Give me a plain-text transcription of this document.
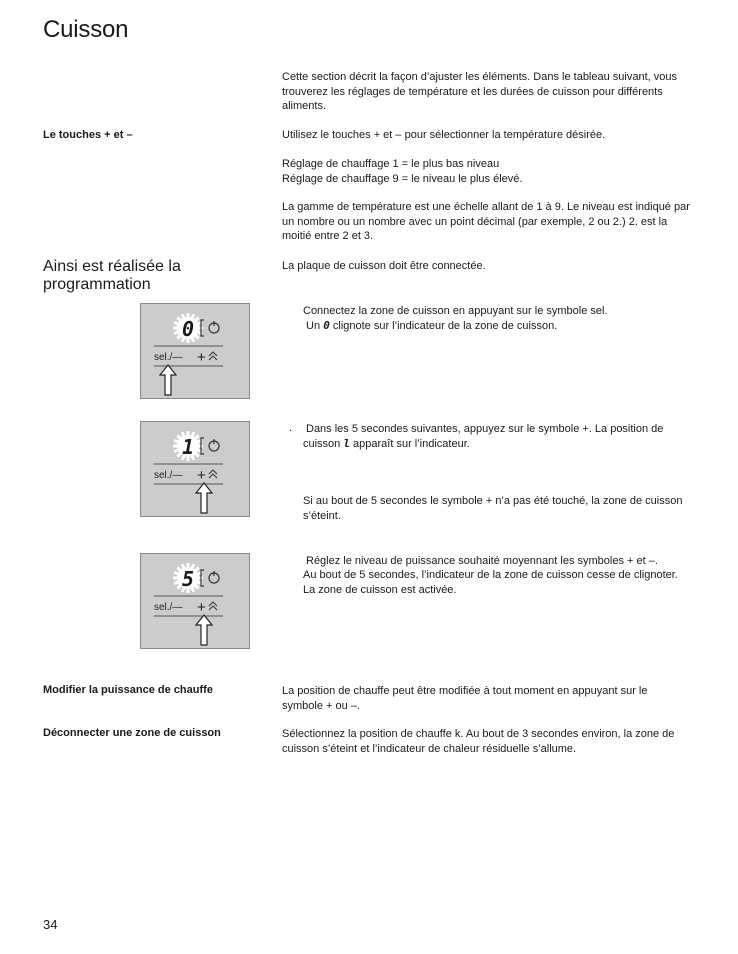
Cuisson
Cette section décrit la façon d’ajuster les éléments. Dans le tableau suivant, vous
trouverez les réglages de température et les durées de cuisson pour différents
aliments.
Le touches + et –	Utilisez le touches + et – pour sélectionner la température désirée.
Réglage de chauffage 1 = le plus bas niveau
Réglage de chauffage 9 = le niveau le plus élevé.
La gamme de température est une échelle allant de 1 à 9. Le niveau est indiqué par
un nombre ou un nombre avec un point décimal (par exemple, 2 ou 2.) 2. est la
moitié entre 2 et 3.
Ainsi est réalisée la
programmation
La plaque de cuisson doit être connectée.
Connectez la zone de cuisson en appuyant sur le symbole sel.
Un 0 clignote sur l’indicateur de la zone de cuisson.
.	Dans les 5 secondes suivantes, appuyez sur le symbole +. La position de
cuisson l apparaît sur l’indicateur.
Si au bout de 5 secondes le symbole + n’a pas été touché, la zone de cuisson
s’éteint.
Réglez le niveau de puissance souhaité moyennant les symboles + et –.
Au bout de 5 secondes, l’indicateur de la zone de cuisson cesse de clignoter.
La zone de cuisson est activée.
0
sel./— +
1
sel./— +
5
sel./— +
Modifier la puissance de chauffe	La position de chauffe peut être modifiée à tout moment en appuyant sur le
symbole + ou –.
Déconnecter une zone de cuisson	Sélectionnez la position de chauffe k. Au bout de 3 secondes environ, la zone de
cuisson s’éteint et l’indicateur de chaleur résiduelle s’allume.
34
